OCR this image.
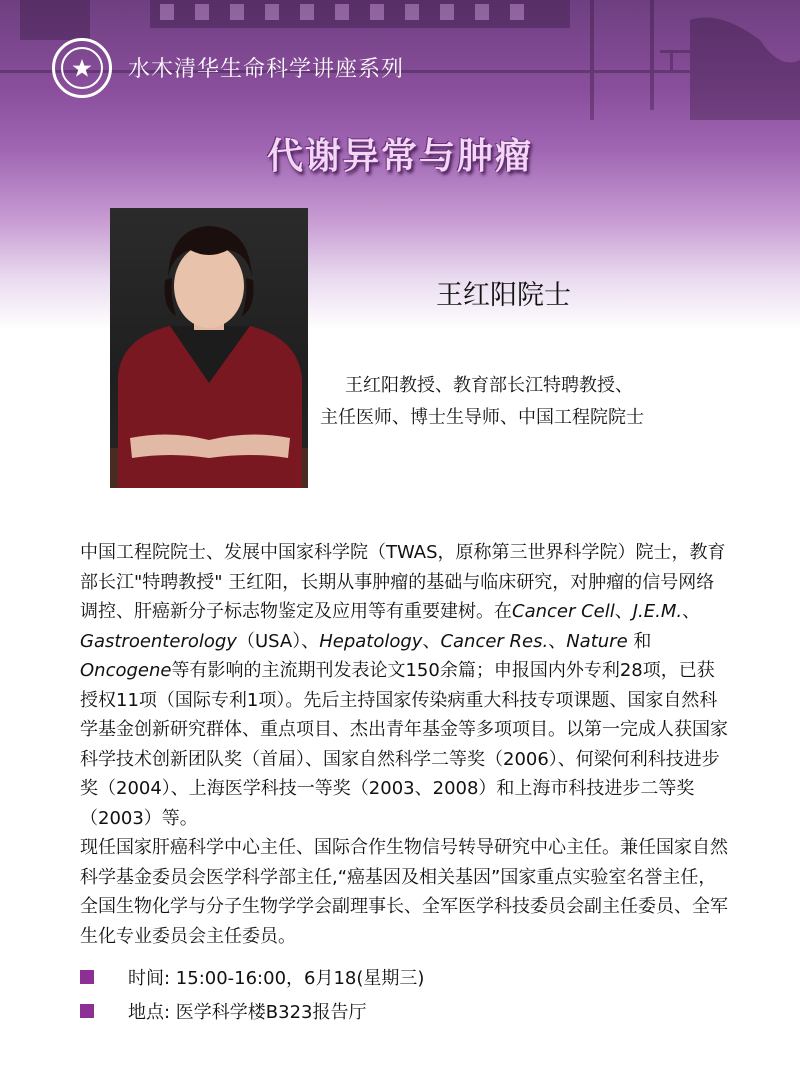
水木清华生命科学讲座系列
代谢异常与肿瘤
王红阳院士
王红阳教授、教育部长江特聘教授、
主任医师、博士生导师、中国工程院院士

中国工程院院士、发展中国家科学院（TWAS，原称第三世界科学院）院士，教育部长江"特聘教授" 王红阳，长期从事肿瘤的基础与临床研究，对肿瘤的信号网络调控、肝癌新分子标志物鉴定及应用等有重要建树。在Cancer Cell、J.E.M.、Gastroenterology（USA）、Hepatology、Cancer Res.、Nature 和Oncogene等有影响的主流期刊发表论文150余篇；申报国内外专利28项，已获授权11项（国际专利1项）。先后主持国家传染病重大科技专项课题、国家自然科学基金创新研究群体、重点项目、杰出青年基金等多项项目。以第一完成人获国家科学技术创新团队奖（首届）、国家自然科学二等奖（2006）、何梁何利科技进步奖（2004）、上海医学科技一等奖（2003、2008）和上海市科技进步二等奖（2003）等。

现任国家肝癌科学中心主任、国际合作生物信号转导研究中心主任。兼任国家自然科学基金委员会医学科学部主任,“癌基因及相关基因”国家重点实验室名誉主任，全国生物化学与分子生物学学会副理事长、全军医学科技委员会副主任委员、全军生化专业委员会主任委员。

时间: 15:00-16:00，6月18(星期三)
地点: 医学科学楼B323报告厅
